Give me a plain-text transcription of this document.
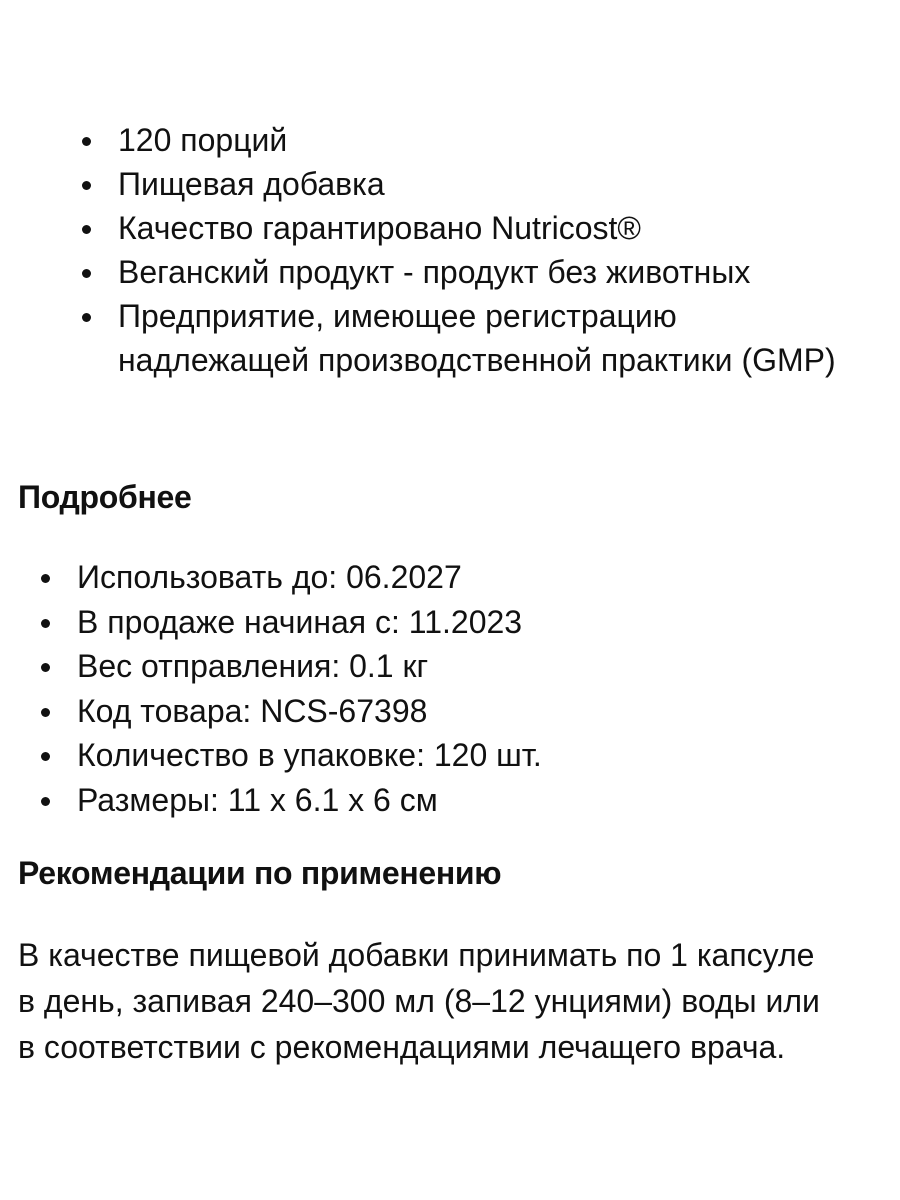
120 порций
Пищевая добавка
Качество гарантировано Nutricost®
Веганский продукт - продукт без животных
Предприятие, имеющее регистрацию надлежащей производственной практики (GMP)
Подробнее
Использовать до: 06.2027
В продаже начиная с: 11.2023
Вес отправления: 0.1 кг
Код товара: NCS-67398
Количество в упаковке: 120 шт.
Размеры: 11 x 6.1 x 6 см
Рекомендации по применению

В качестве пищевой добавки принимать по 1 капсуле в день, запивая 240–300 мл (8–12 унциями) воды или в соответствии с рекомендациями лечащего врача.
